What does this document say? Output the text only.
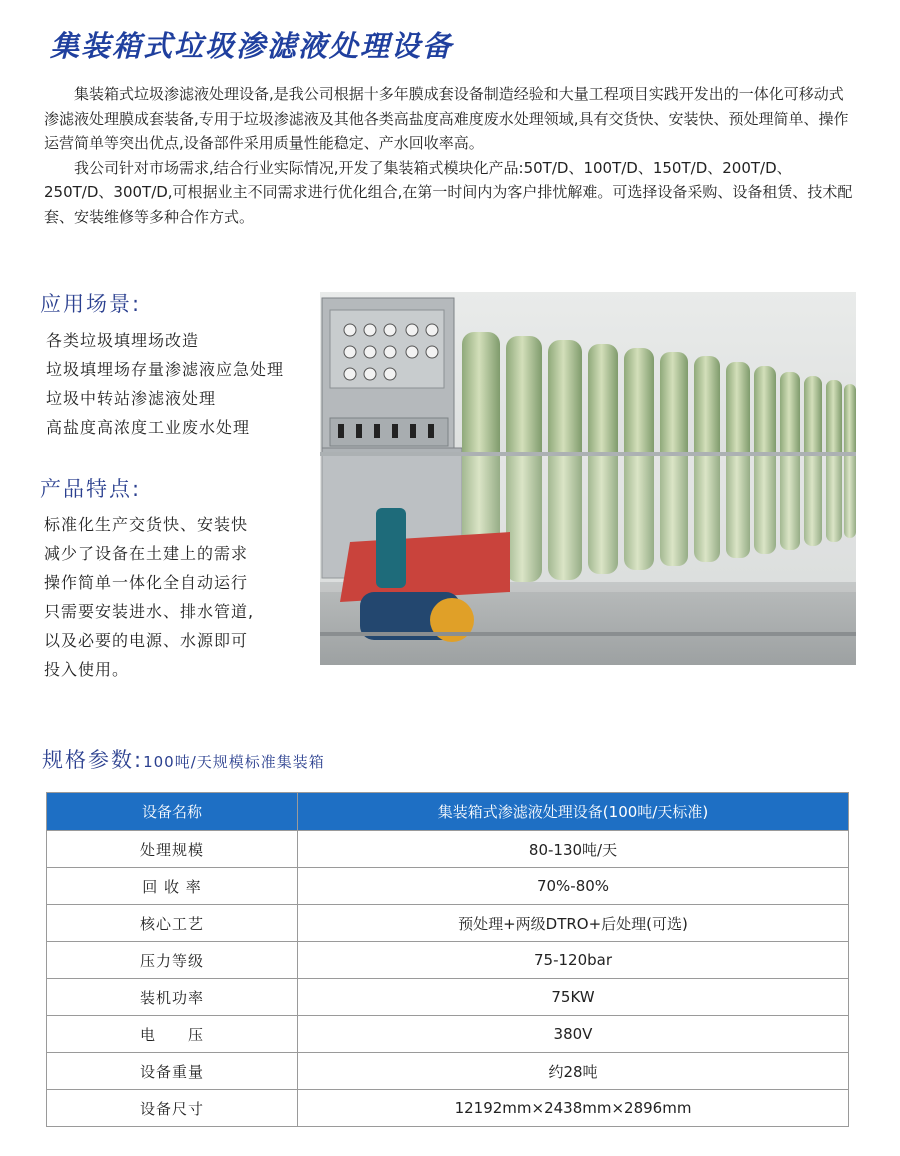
集装箱式垃圾渗滤液处理设备

集装箱式垃圾渗滤液处理设备,是我公司根据十多年膜成套设备制造经验和大量工程项目实践开发出的一体化可移动式渗滤液处理膜成套装备,专用于垃圾渗滤液及其他各类高盐度高难度废水处理领域,具有交货快、安装快、预处理简单、操作运营简单等突出优点,设备部件采用质量性能稳定、产水回收率高。

我公司针对市场需求,结合行业实际情况,开发了集装箱式模块化产品:50T/D、100T/D、150T/D、200T/D、250T/D、300T/D,可根据业主不同需求进行优化组合,在第一时间内为客户排忧解难。可选择设备采购、设备租赁、技术配套、安装维修等多种合作方式。

应用场景:
各类垃圾填埋场改造
垃圾填埋场存量渗滤液应急处理
垃圾中转站渗滤液处理
高盐度高浓度工业废水处理
产品特点:
标准化生产交货快、安装快
减少了设备在土建上的需求
操作简单一体化全自动运行
只需要安装进水、排水管道,
以及必要的电源、水源即可
投入使用。
规格参数:100吨/天规模标准集装箱
设备名称	集装箱式渗滤液处理设备(100吨/天标准)
处理规模	80-130吨/天
回 收 率	70%-80%
核心工艺	预处理+两级DTRO+后处理(可选)
压力等级	75-120bar
装机功率	75KW
电　　压	380V
设备重量	约28吨
设备尺寸	12192mm×2438mm×2896mm
